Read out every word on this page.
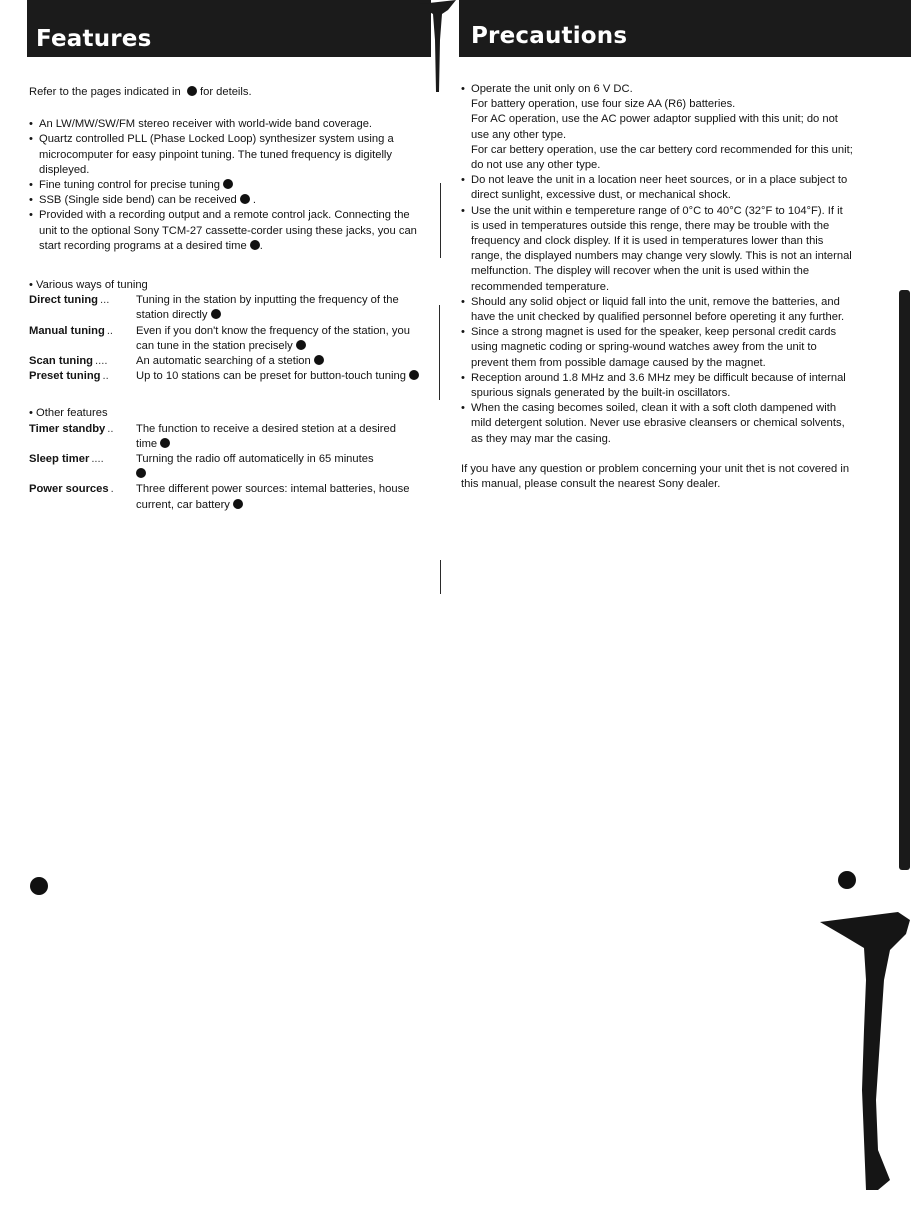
Features	Precautions

Refer to the pages indicated in for deteils.

• An LW/MW/SW/FM stereo receiver with world-wide band coverage.
• Quartz controlled PLL (Phase Locked Loop) synthesizer system using a microcomputer for easy pinpoint tuning. The tuned frequency is digitelly displeyed.
• Fine tuning control for precise tuning
• SSB (Single side bend) can be received .
• Provided with a recording output and a remote control jack. Connecting the unit to the optional Sony TCM-27 cassette-corder using these jacks, you can start recording programs at a desired time .

• Various ways of tuning

Direct tuning ... Tuning in the station by inputting the frequency of the station directly
Manual tuning .. Even if you don't know the frequency of the station, you can tune in the station precisely
Scan tuning ....	An automatic searching of a stetion
Preset tuning .. Up to 10 stations can be preset for button-touch tuning

• Other features

Timer standby .. The function to receive a desired stetion at a desired time
Sleep timer ....	Turning the radio off automaticelly in 65 minutes

Power sources . Three different power sources: intemal batteries, house current, car battery
• Operate the unit only on 6 V DC.
For battery operation, use four size AA (R6) batteries.
For AC operation, use the AC power adaptor supplied with this unit; do not use any other type.
For car bettery operation, use the car bettery cord recommended for this unit; do not use any other type.
• Do not leave the unit in a location neer heet sources, or in a place subject to direct sunlight, excessive dust, or mechanical shock.
• Use the unit within e tempereture range of 0°C to 40°C (32°F to 104°F). If it is used in temperatures outside this renge, there may be trouble with the frequency and clock displey. If it is used in temperatures lower than this range, the displayed numbers may change very slowly. This is not an internal melfunction. The displey will recover when the unit is used within the recommended temperature.
• Should any solid object or liquid fall into the unit, remove the batteries, and have the unit checked by qualified personnel before opereting it any further.
• Since a strong magnet is used for the speaker, keep personal credit cards using magnetic coding or spring-wound watches awey from the unit to prevent them from possible damage caused by the magnet.
• Reception around 1.8 MHz and 3.6 MHz mey be difficult because of internal spurious signals generated by the built-in oscillators.
• When the casing becomes soiled, clean it with a soft cloth dampened with mild detergent solution. Never use ebrasive cleansers or chemical solvents, as they may mar the casing.

If you have any question or problem concerning your unit thet is not covered in this manual, please consult the nearest Sony dealer.
